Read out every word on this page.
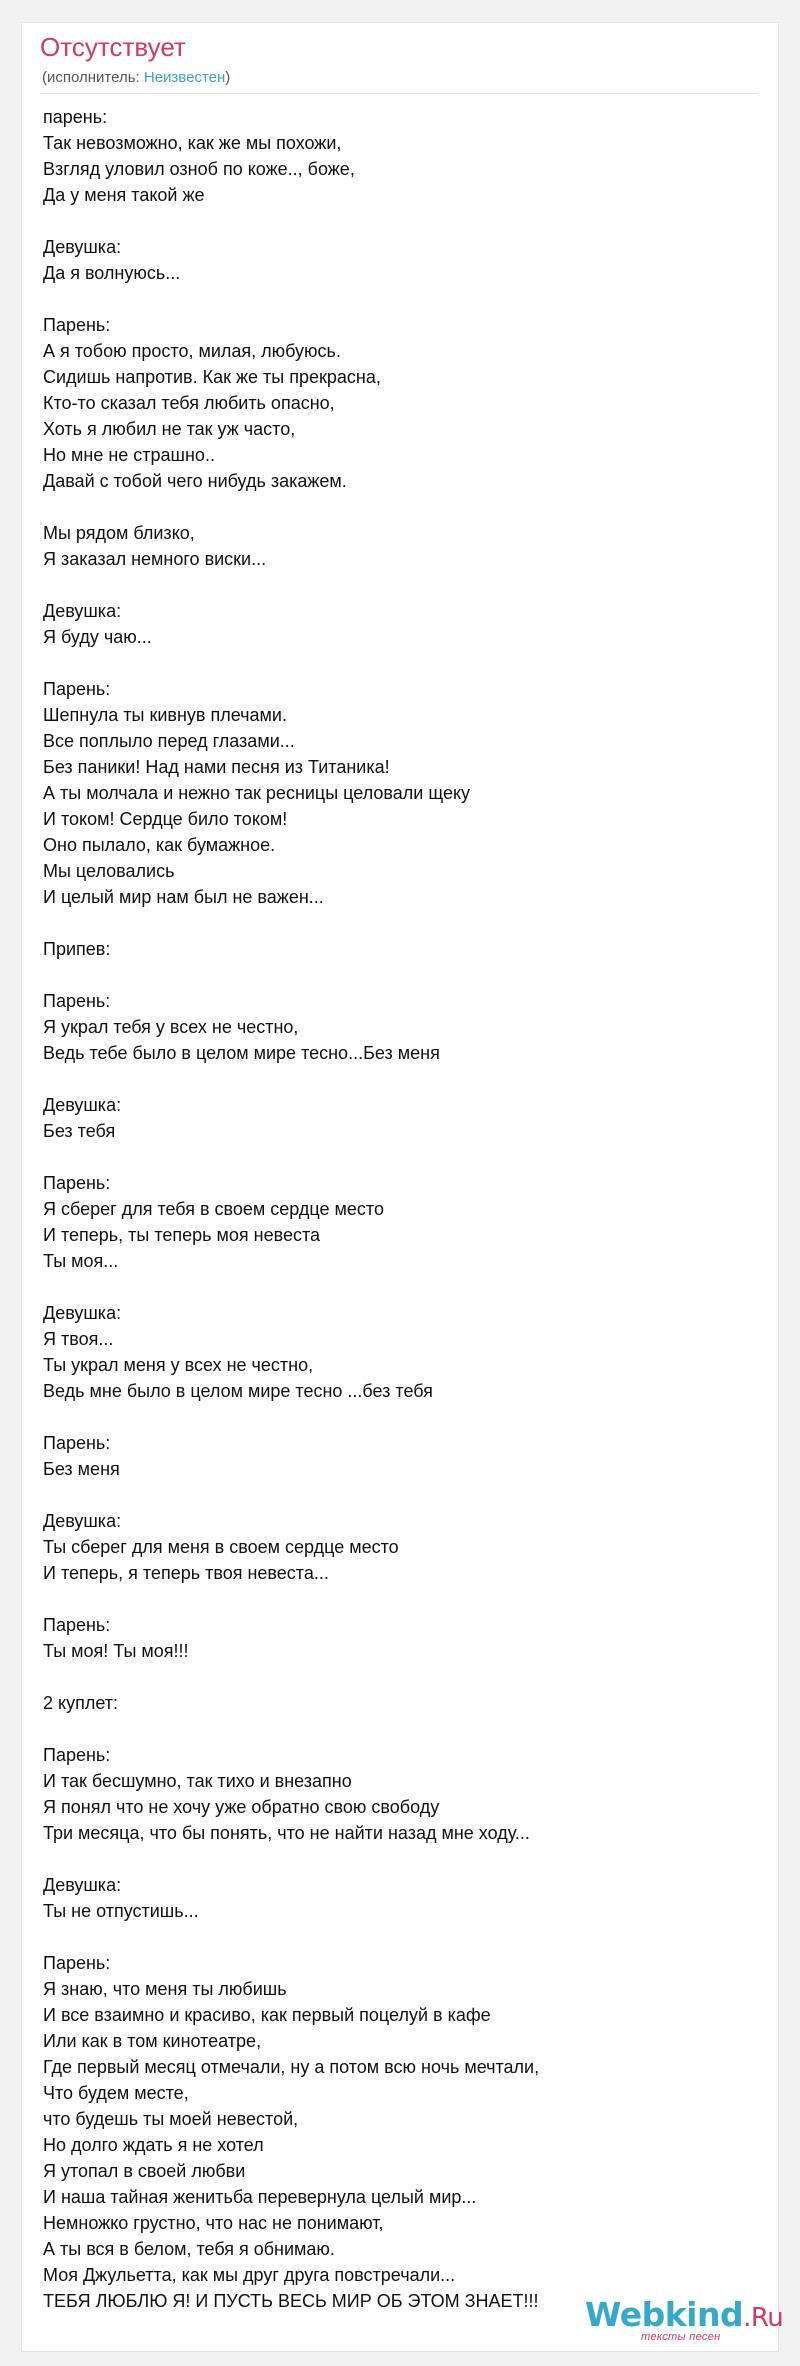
Отсутствует
(исполнитель: Неизвестен)
парень:
Так невозможно, как же мы похожи,
Взгляд уловил озноб по коже.., боже,
Да у меня такой же
Девушка:
Да я волнуюсь...
Парень:
А я тобою просто, милая, любуюсь.
Сидишь напротив. Как же ты прекрасна,
Кто-то сказал тебя любить опасно,
Хоть я любил не так уж часто,
Но мне не страшно..
Давай с тобой чего нибудь закажем.
Мы рядом близко,
Я заказал немного виски...
Девушка:
Я буду чаю...
Парень:
Шепнула ты кивнув плечами.
Все поплыло перед глазами...
Без паники! Над нами песня из Титаника!
А ты молчала и нежно так ресницы целовали щеку
И током! Сердце било током!
Оно пылало, как бумажное.
Мы целовались
И целый мир нам был не важен...
Припев:
Парень:
Я украл тебя у всех не честно,
Ведь тебе было в целом мире тесно...Без меня
Девушка:
Без тебя
Парень:
Я сберег для тебя в своем сердце место
И теперь, ты теперь моя невеста
Ты моя...
Девушка:
Я твоя...
Ты украл меня у всех не честно,
Ведь мне было в целом мире тесно ...без тебя
Парень:
Без меня
Девушка:
Ты сберег для меня в своем сердце место
И теперь, я теперь твоя невеста...
Парень:
Ты моя! Ты моя!!!
2 куплет:
Парень:
И так бесшумно, так тихо и внезапно
Я понял что не хочу уже обратно свою свободу
Три месяца, что бы понять, что не найти назад мне ходу...
Девушка:
Ты не отпустишь...
Парень:
Я знаю, что меня ты любишь
И все взаимно и красиво, как первый поцелуй в кафе
Или как в том кинотеатре,
Где первый месяц отмечали, ну а потом всю ночь мечтали,
Что будем месте,
что будешь ты моей невестой,
Но долго ждать я не хотел
Я утопал в своей любви
И наша тайная женитьба перевернула целый мир...
Немножко грустно, что нас не понимают,
А ты вся в белом, тебя я обнимаю.
Моя Джульетта, как мы друг друга повстречали...
ТЕБЯ ЛЮБЛЮ Я! И ПУСТЬ ВЕСЬ МИР ОБ ЭТОМ ЗНАЕТ!!!	Webkind.Ru
тексты песен
